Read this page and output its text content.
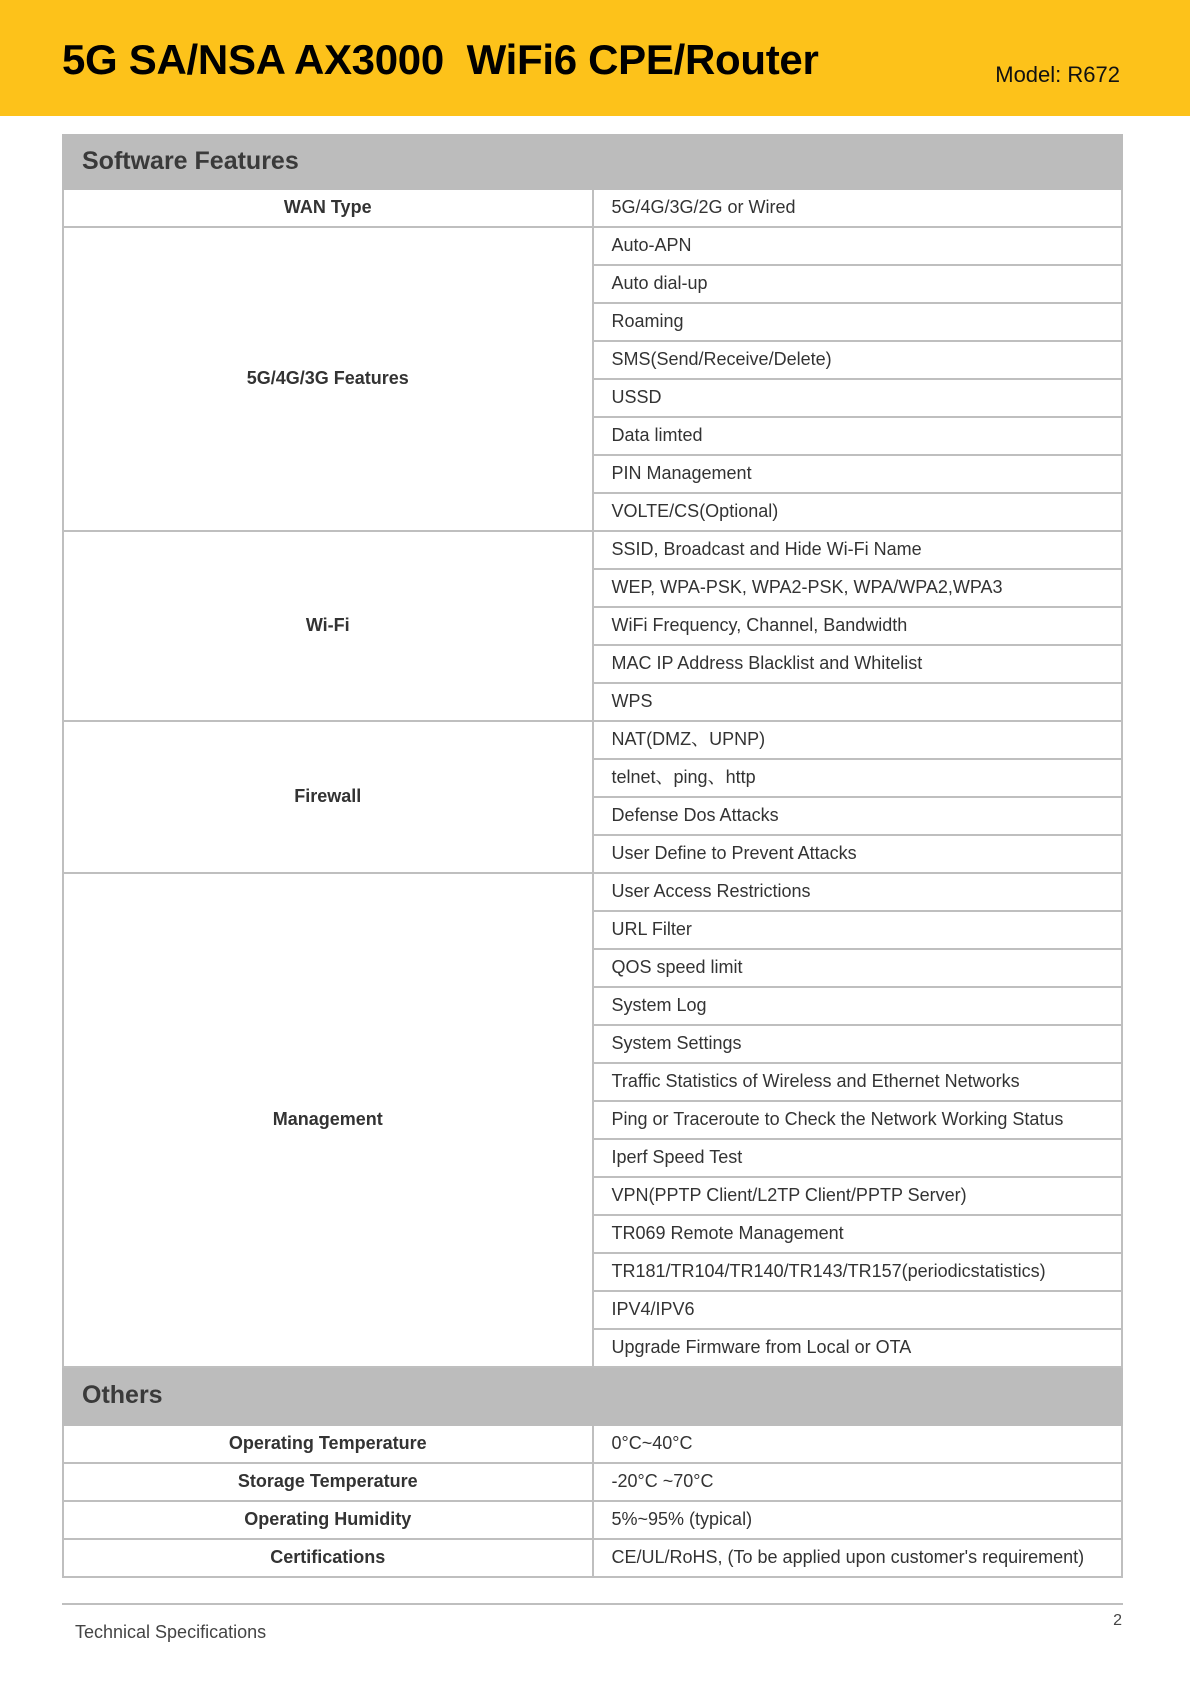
5G SA/NSA AX3000  WiFi6 CPE/Router	Model: R672
Software Features	
WAN Type	5G/4G/3G/2G or Wired
5G/4G/3G Features	Auto-APN
	Auto dial-up
	Roaming
	SMS(Send/Receive/Delete)
	USSD
	Data limted
	PIN Management
	VOLTE/CS(Optional)
Wi-Fi	SSID, Broadcast and Hide Wi-Fi Name
	WEP, WPA-PSK, WPA2-PSK, WPA/WPA2,WPA3
	WiFi Frequency, Channel, Bandwidth
	MAC IP Address Blacklist and Whitelist
	WPS
Firewall	NAT(DMZ、UPNP)
	telnet、ping、http
	Defense Dos Attacks
	User Define to Prevent Attacks
Management	User Access Restrictions
	URL Filter
	QOS speed limit
	System Log
	System Settings
	Traffic Statistics of Wireless and Ethernet Networks
	Ping or Traceroute to Check the Network Working Status
	Iperf Speed Test
	VPN(PPTP Client/L2TP Client/PPTP Server)
	TR069 Remote Management
	TR181/TR104/TR140/TR143/TR157(periodicstatistics)
	IPV4/IPV6
	Upgrade Firmware from Local or OTA
Others	
Operating Temperature	0°C~40°C
Storage Temperature	-20°C ~70°C
Operating Humidity	5%~95% (typical)
Certifications	CE/UL/RoHS, (To be applied upon customer's requirement)
Technical Specifications
2
